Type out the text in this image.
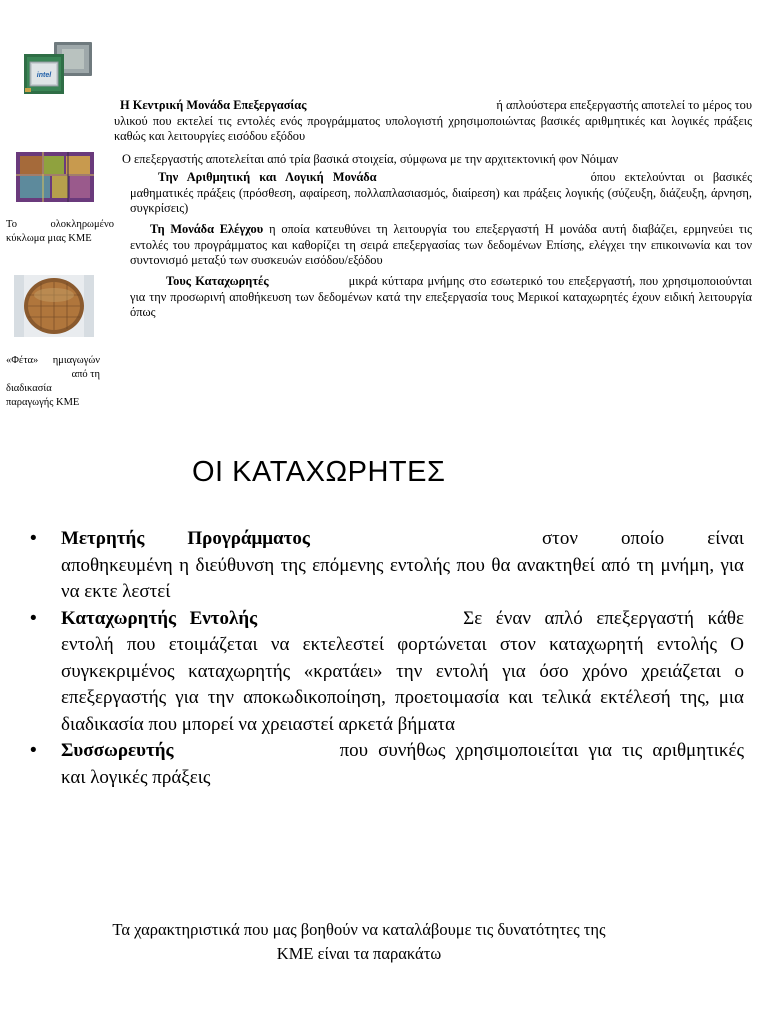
intel
Το ολοκληρωμένο
κύκλωμα μιας ΚΜΕ
«Φέτα» ημιαγωγών
από τη
διαδικασία
παραγωγής ΚΜΕ
Η Κεντρική Μονάδα Επεξεργασίας	ή απλούστερα επεξεργαστής αποτελεί το μέρος του υλικού που εκτελεί τις εντολές ενός προγράμματος υπολογιστή χρησιμοποιώντας βασικές αριθμητικές και λογικές πράξεις καθώς και λειτουργίες εισόδου εξόδου
Ο επεξεργαστής αποτελείται από τρία βασικά στοιχεία, σύμφωνα με την αρχιτεκτονική φον Νόιμαν
Την Αριθμητική και Λογική Μονάδα	όπου εκτελούνται οι βασικές μαθηματικές πράξεις (πρόσθεση, αφαίρεση, πολλαπλασιασμός, διαίρεση) και πράξεις λογικής (σύζευξη, διάζευξη, άρνηση, συγκρίσεις)
Τη Μονάδα Ελέγχου η οποία κατευθύνει τη λειτουργία του επεξεργαστή Η μονάδα αυτή διαβάζει, ερμηνεύει τις εντολές του προγράμματος και καθορίζει τη σειρά επεξεργασίας των δεδομένων Επίσης, ελέγχει την επικοινωνία και τον συντονισμό μεταξύ των συσκευών εισόδου/εξόδου
Τους Καταχωρητές	μικρά κύτταρα μνήμης στο εσωτερικό του επεξεργαστή, που χρησιμοποιούνται για την προσωρινή αποθήκευση των δεδομένων κατά την επεξεργασία τους Μερικοί καταχωρητές έχουν ειδική λειτουργία όπως
ΟΙ ΚΑΤΑΧΩΡΗΤΕΣ
• Μετρητής Προγράμματος	στον οποίο είναι αποθηκευμένη η διεύθυνση της επόμενης εντολής που θα ανακτηθεί από τη μνήμη, για να εκτε λεστεί
• Καταχωρητής Εντολής	Σε έναν απλό επεξεργαστή κάθε εντολή που ετοιμάζεται να εκτελεστεί φορτώνεται στον καταχωρητή εντολής Ο συγκεκριμένος καταχωρητής «κρατάει» την εντολή για όσο χρόνο χρειάζεται ο επεξεργαστής για την αποκωδικοποίηση, προετοιμασία και τελικά εκτέλεσή της, μια διαδικασία που μπορεί να χρειαστεί αρκετά βήματα
• Συσσωρευτής	που συνήθως χρησιμοποιείται για τις αριθμητικές και λογικές πράξεις
Τα χαρακτηριστικά που μας βοηθούν να καταλάβουμε τις δυνατότητες της
ΚΜΕ είναι τα παρακάτω
